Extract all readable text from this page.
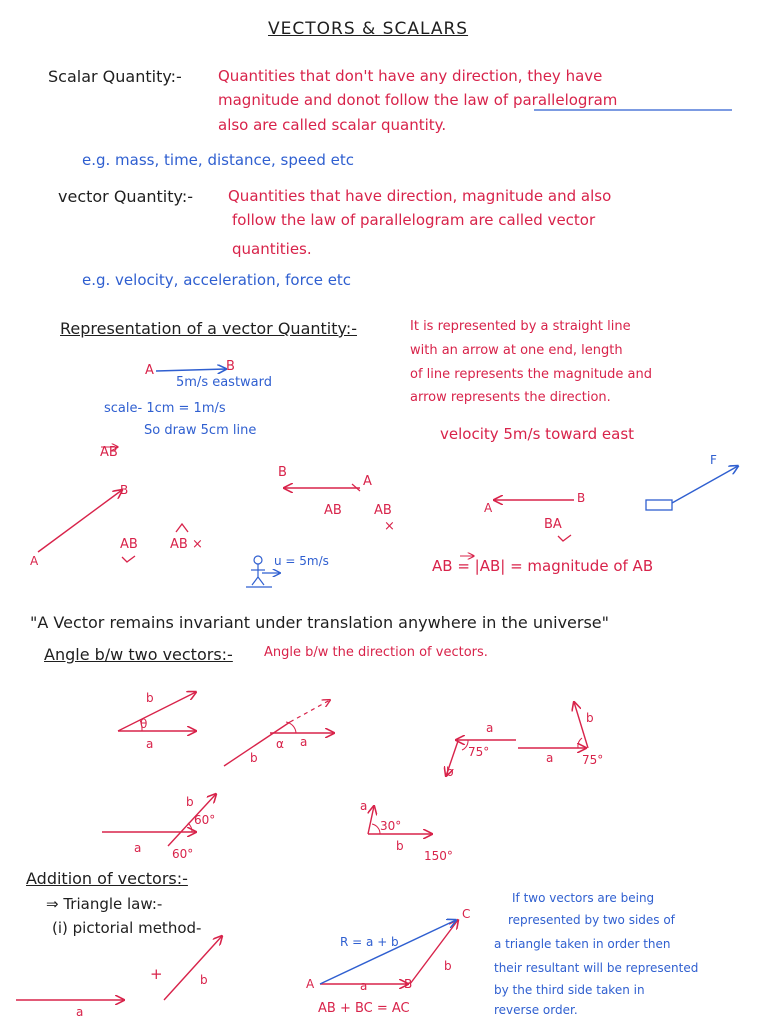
VECTORS & SCALARS
Scalar Quantity:- Quantities that don't have any direction, they have
magnitude and donot follow the law of parallelogram
also are called scalar quantity.
e.g. mass, time, distance, speed etc
vector Quantity:- Quantities that have direction, magnitude and also
follow the law of parallelogram are called vector
quantities.
e.g. velocity, acceleration, force etc
Representation of a vector Quantity:-	It is represented by a straight line
with an arrow at one end, length
of line represents the magnitude and
arrow represents the direction.
A	B
5m/s eastward
scale- 1cm = 1m/s
So draw 5cm line	velocity 5m/s toward east
AB
A
B
AB AB ×
B
A
AB AB
×
A
B
BA
F
u = 5m/s	AB = |AB| = magnitude of AB
"A Vector remains invariant under translation anywhere in the universe"
Angle b/w two vectors:- Angle b/w the direction of vectors.
b
θ
a	α a
b
a
b
75°	a
b
75°
b
60°
a	60°
a
30°
b
150°
Addition of vectors:-
⇒ Triangle law:-
(i) pictorial method-
+
a
b
R = a + b
A	B
C
a
b
AB + BC = AC
If two vectors are being
represented by two sides of
a triangle taken in order then
their resultant will be represented
by the third side taken in
reverse order.
